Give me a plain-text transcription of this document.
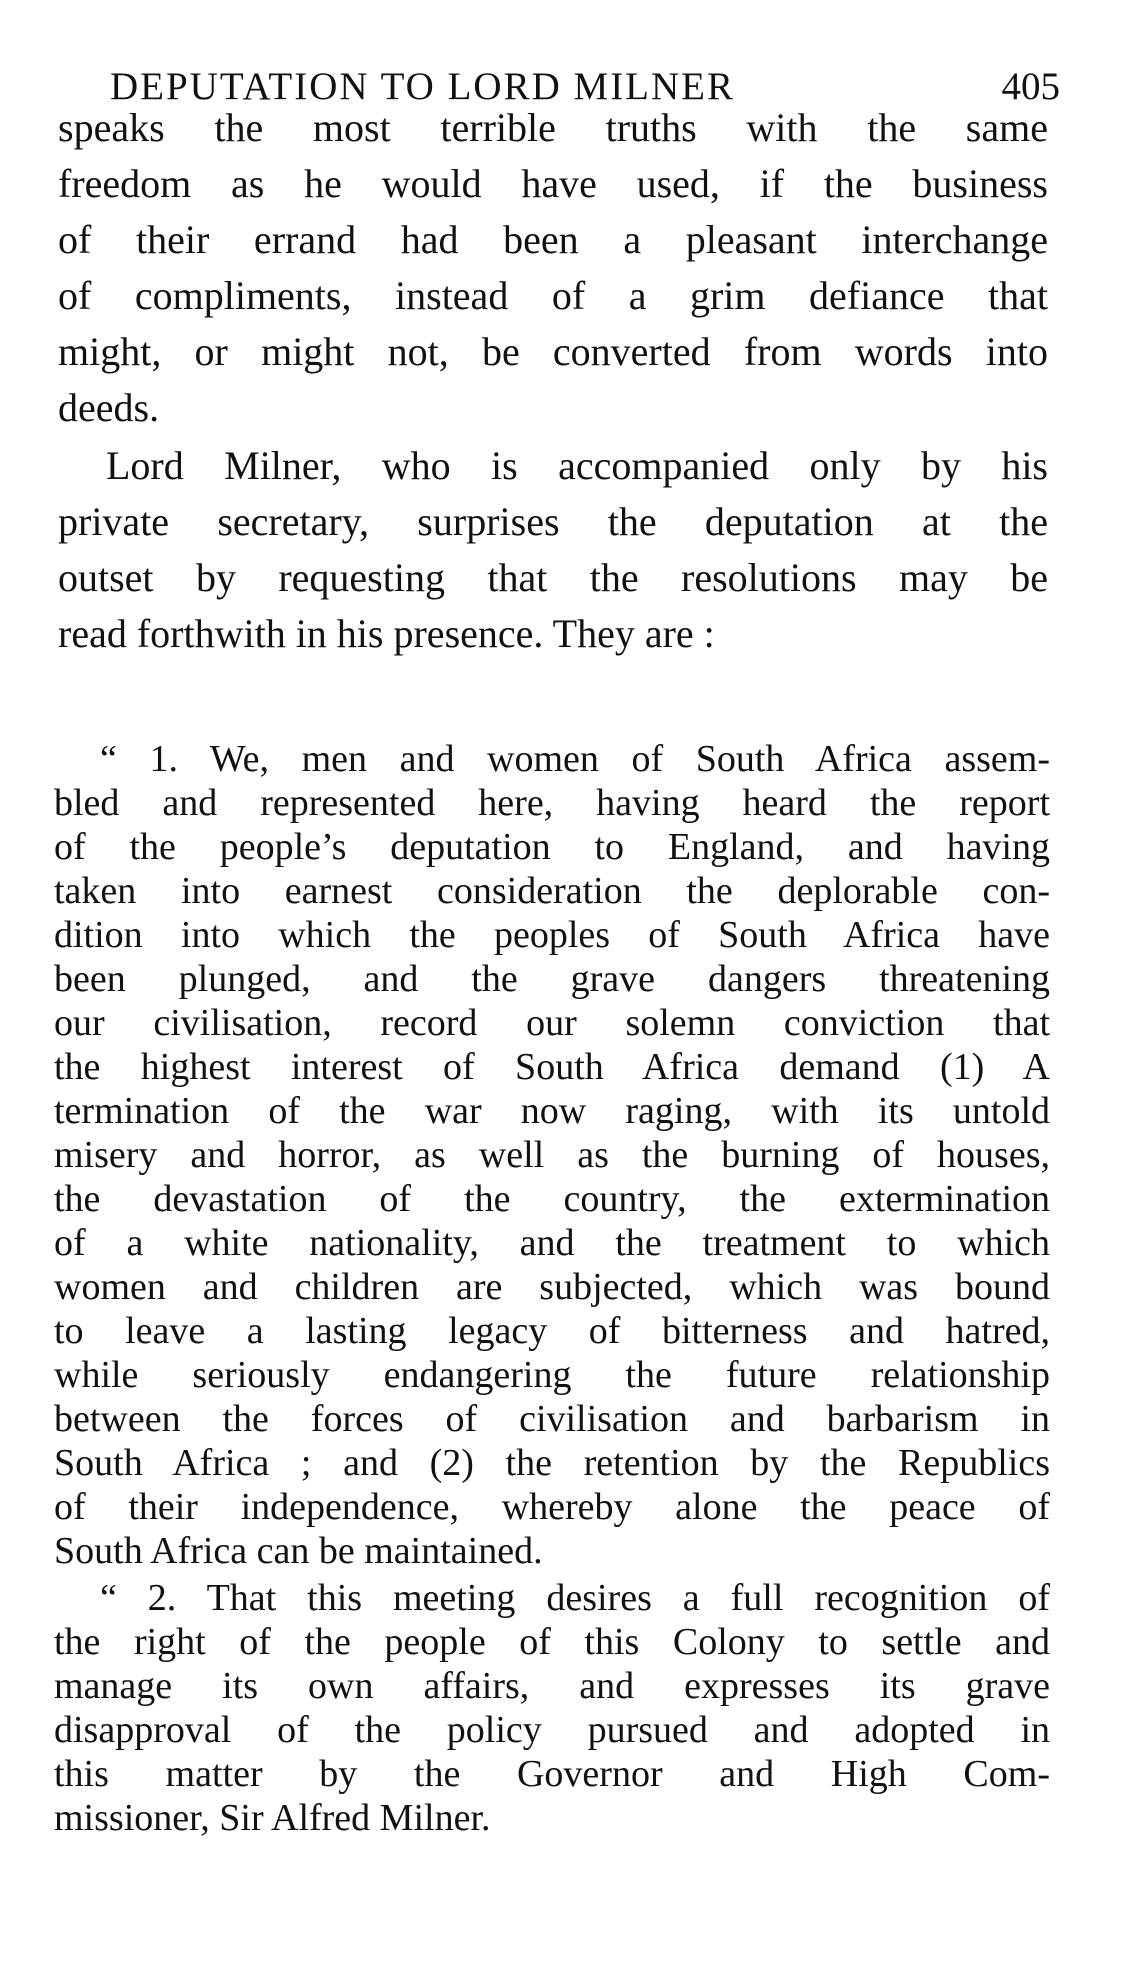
DEPUTATION TO LORD MILNER	405
speaks the most terrible truths with the same
freedom as he would have used, if the business
of their errand had been a pleasant interchange
of compliments, instead of a grim defiance that
might, or might not, be converted from words into
deeds.
Lord Milner, who is accompanied only by his
private secretary, surprises the deputation at the
outset by requesting that the resolutions may be
read forthwith in his presence. They are :
“ 1. We, men and women of South Africa assem-
bled and represented here, having heard the report
of the people’s deputation to England, and having
taken into earnest consideration the deplorable con-
dition into which the peoples of South Africa have
been plunged, and the grave dangers threatening
our civilisation, record our solemn conviction that
the highest interest of South Africa demand (1) A
termination of the war now raging, with its untold
misery and horror, as well as the burning of houses,
the devastation of the country, the extermination
of a white nationality, and the treatment to which
women and children are subjected, which was bound
to leave a lasting legacy of bitterness and hatred,
while seriously endangering the future relationship
between the forces of civilisation and barbarism in
South Africa ; and (2) the retention by the Republics
of their independence, whereby alone the peace of
South Africa can be maintained.
“ 2. That this meeting desires a full recognition of
the right of the people of this Colony to settle and
manage its own affairs, and expresses its grave
disapproval of the policy pursued and adopted in
this matter by the Governor and High Com-
missioner, Sir Alfred Milner.
